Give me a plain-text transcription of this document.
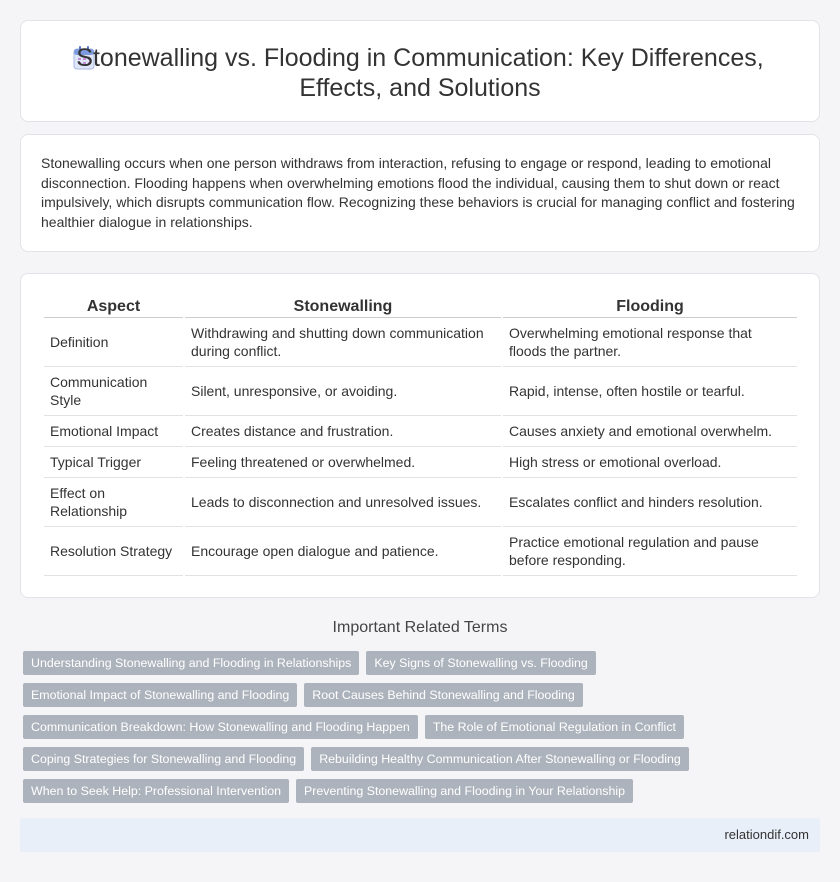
Stonewalling vs. Flooding in Communication: Key Differences,
Effects, and Solutions

Stonewalling occurs when one person withdraws from interaction, refusing to engage or respond, leading to emotional disconnection. Flooding happens when overwhelming emotions flood the individual, causing them to shut down or react impulsively, which disrupts communication flow. Recognizing these behaviors is crucial for managing conflict and fostering healthier dialogue in relationships.

Aspect	Stonewalling	Flooding
Definition	Withdrawing and shutting down communication during conflict.	Overwhelming emotional response that floods the partner.
Communication Style	Silent, unresponsive, or avoiding.	Rapid, intense, often hostile or tearful.
Emotional Impact	Creates distance and frustration.	Causes anxiety and emotional overwhelm.
Typical Trigger	Feeling threatened or overwhelmed.	High stress or emotional overload.
Effect on Relationship	Leads to disconnection and unresolved issues.	Escalates conflict and hinders resolution.
Resolution Strategy	Encourage open dialogue and patience.	Practice emotional regulation and pause before responding.
Important Related Terms
Understanding Stonewalling and Flooding in Relationships Key Signs of Stonewalling vs. Flooding
Emotional Impact of Stonewalling and Flooding Root Causes Behind Stonewalling and Flooding
Communication Breakdown: How Stonewalling and Flooding Happen The Role of Emotional Regulation in Conflict
Coping Strategies for Stonewalling and Flooding Rebuilding Healthy Communication After Stonewalling or Flooding
When to Seek Help: Professional Intervention Preventing Stonewalling and Flooding in Your Relationship
relationdif.com
